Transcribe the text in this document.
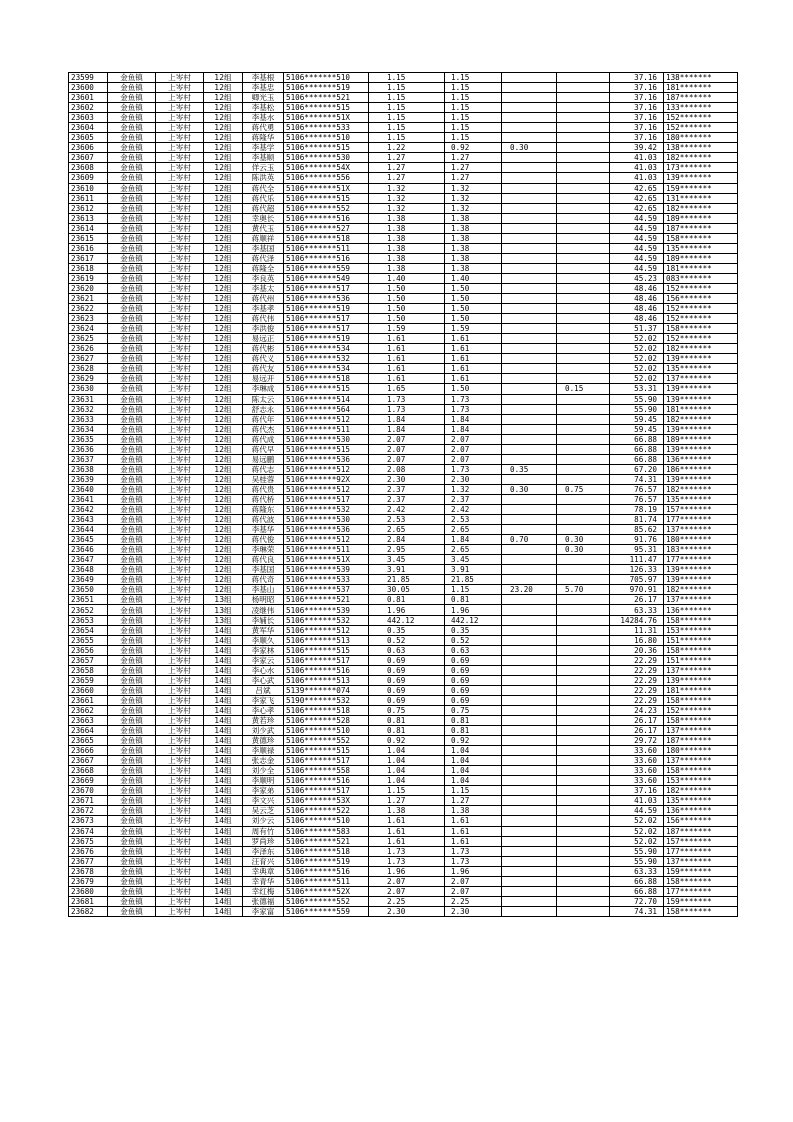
23599	金鱼镇	上岑村	12组	李基根	5106*******510	1.15	1.15			37.16	138*******
23600	金鱼镇	上岑村	12组	李基忠	5106*******519	1.15	1.15			37.16	181*******
23601	金鱼镇	上岑村	12组	卿光玉	5106*******521	1.15	1.15			37.16	187*******
23602	金鱼镇	上岑村	12组	李基松	5106*******515	1.15	1.15			37.16	133*******
23603	金鱼镇	上岑村	12组	李基水	5106*******51X	1.15	1.15			37.16	152*******
23604	金鱼镇	上岑村	12组	蒋代勇	5106*******533	1.15	1.15			37.16	152*******
23605	金鱼镇	上岑村	12组	蒋隆华	5106*******510	1.15	1.15			37.16	180*******
23606	金鱼镇	上岑村	12组	李基学	5106*******515	1.22	0.92	0.30		39.42	138*******
23607	金鱼镇	上岑村	12组	李基顺	5106*******530	1.27	1.27			41.03	182*******
23608	金鱼镇	上岑村	12组	佯云玉	5106*******54X	1.27	1.27			41.03	173*******
23609	金鱼镇	上岑村	12组	陈洪英	5106*******556	1.27	1.27			41.03	139*******
23610	金鱼镇	上岑村	12组	蒋代全	5106*******51X	1.32	1.32			42.65	159*******
23611	金鱼镇	上岑村	12组	蒋代乐	5106*******515	1.32	1.32			42.65	131*******
23612	金鱼镇	上岑村	12组	蒋代超	5106*******552	1.32	1.32			42.65	182*******
23613	金鱼镇	上岑村	12组	幸奥长	5106*******516	1.38	1.38			44.59	189*******
23614	金鱼镇	上岑村	12组	黄代玉	5106*******527	1.38	1.38			44.59	187*******
23615	金鱼镇	上岑村	12组	蒋顺祥	5106*******518	1.38	1.38			44.59	158*******
23616	金鱼镇	上岑村	12组	李基国	5106*******511	1.38	1.38			44.59	135*******
23617	金鱼镇	上岑村	12组	蒋代泽	5106*******516	1.38	1.38			44.59	189*******
23618	金鱼镇	上岑村	12组	蒋隆全	5106*******559	1.38	1.38			44.59	181*******
23619	金鱼镇	上岑村	12组	李良英	5106*******549	1.40	1.40			45.23	083*******
23620	金鱼镇	上岑村	12组	李基太	5106*******517	1.50	1.50			48.46	152*******
23621	金鱼镇	上岑村	12组	蒋代州	5106*******536	1.50	1.50			48.46	156*******
23622	金鱼镇	上岑村	12组	李基孝	5106*******519	1.50	1.50			48.46	152*******
23623	金鱼镇	上岑村	12组	蒋代伟	5106*******517	1.50	1.50			48.46	152*******
23624	金鱼镇	上岑村	12组	李洪俊	5106*******517	1.59	1.59			51.37	158*******
23625	金鱼镇	上岑村	12组	易远正	5106*******519	1.61	1.61			52.02	152*******
23626	金鱼镇	上岑村	12组	蒋代彬	5106*******534	1.61	1.61			52.02	182*******
23627	金鱼镇	上岑村	12组	蒋代义	5106*******532	1.61	1.61			52.02	139*******
23628	金鱼镇	上岑村	12组	蒋代友	5106*******534	1.61	1.61			52.02	135*******
23629	金鱼镇	上岑村	12组	易远开	5106*******518	1.61	1.61			52.02	137*******
23630	金鱼镇	上岑村	12组	李琳成	5106*******515	1.65	1.50		0.15	53.31	139*******
23631	金鱼镇	上岑村	12组	陈太云	5106*******514	1.73	1.73			55.90	139*******
23632	金鱼镇	上岑村	12组	舒志永	5106*******564	1.73	1.73			55.90	181*******
23633	金鱼镇	上岑村	12组	蒋代年	5106*******512	1.84	1.84			59.45	182*******
23634	金鱼镇	上岑村	12组	蒋代杰	5106*******511	1.84	1.84			59.45	139*******
23635	金鱼镇	上岑村	12组	蒋代成	5106*******530	2.07	2.07			66.88	189*******
23636	金鱼镇	上岑村	12组	蒋代早	5106*******515	2.07	2.07			66.88	139*******
23637	金鱼镇	上岑村	12组	易远鹏	5106*******536	2.07	2.07			66.88	136*******
23638	金鱼镇	上岑村	12组	蒋代志	5106*******512	2.08	1.73	0.35		67.20	186*******
23639	金鱼镇	上岑村	12组	吴桂蓉	5106*******92X	2.30	2.30			74.31	139*******
23640	金鱼镇	上岑村	12组	蒋代贵	5106*******512	2.37	1.32	0.30	0.75	76.57	182*******
23641	金鱼镇	上岑村	12组	蒋代桥	5106*******517	2.37	2.37			76.57	135*******
23642	金鱼镇	上岑村	12组	蒋隆东	5106*******532	2.42	2.42			78.19	157*******
23643	金鱼镇	上岑村	12组	蒋代波	5106*******530	2.53	2.53			81.74	177*******
23644	金鱼镇	上岑村	12组	李基华	5106*******536	2.65	2.65			85.62	137*******
23645	金鱼镇	上岑村	12组	蒋代俊	5106*******512	2.84	1.84	0.70	0.30	91.76	180*******
23646	金鱼镇	上岑村	12组	李琳荣	5106*******511	2.95	2.65		0.30	95.31	183*******
23647	金鱼镇	上岑村	12组	蒋代良	5106*******51X	3.45	3.45			111.47	177*******
23648	金鱼镇	上岑村	12组	李基国	5106*******539	3.91	3.91			126.33	139*******
23649	金鱼镇	上岑村	12组	蒋代奇	5106*******533	21.85	21.85			705.97	139*******
23650	金鱼镇	上岑村	12组	李基山	5106*******537	30.05	1.15	23.20	5.70	970.91	182*******
23651	金鱼镇	上岑村	13组	杨明昭	5106*******521	0.81	0.81			26.17	137*******
23652	金鱼镇	上岑村	13组	凌继伟	5106*******539	1.96	1.96			63.33	136*******
23653	金鱼镇	上岑村	13组	李辅长	5106*******532	442.12	442.12			14284.76	158*******
23654	金鱼镇	上岑村	14组	黄军华	5106*******512	0.35	0.35			11.31	153*******
23655	金鱼镇	上岑村	14组	李顺久	5106*******513	0.52	0.52			16.80	151*******
23656	金鱼镇	上岑村	14组	李家林	5106*******515	0.63	0.63			20.36	158*******
23657	金鱼镇	上岑村	14组	李家云	5106*******517	0.69	0.69			22.29	151*******
23658	金鱼镇	上岑村	14组	李心水	5106*******516	0.69	0.69			22.29	137*******
23659	金鱼镇	上岑村	14组	李心武	5106*******513	0.69	0.69			22.29	139*******
23660	金鱼镇	上岑村	14组	吕斌	5139*******074	0.69	0.69			22.29	181*******
23661	金鱼镇	上岑村	14组	李家飞	5190*******532	0.69	0.69			22.29	158*******
23662	金鱼镇	上岑村	14组	李心孝	5106*******518	0.75	0.75			24.23	152*******
23663	金鱼镇	上岑村	14组	黄若珍	5106*******528	0.81	0.81			26.17	158*******
23664	金鱼镇	上岑村	14组	刘少武	5106*******510	0.81	0.81			26.17	137*******
23665	金鱼镇	上岑村	14组	黄德珍	5106*******552	0.92	0.92			29.72	187*******
23666	金鱼镇	上岑村	14组	李顺禄	5106*******515	1.04	1.04			33.60	180*******
23667	金鱼镇	上岑村	14组	张志金	5106*******517	1.04	1.04			33.60	137*******
23668	金鱼镇	上岑村	14组	刘少全	5106*******558	1.04	1.04			33.60	158*******
23669	金鱼镇	上岑村	14组	李顺明	5106*******516	1.04	1.04			33.60	153*******
23670	金鱼镇	上岑村	14组	李家弟	5106*******517	1.15	1.15			37.16	182*******
23671	金鱼镇	上岑村	14组	李文兴	5106*******53X	1.27	1.27			41.03	135*******
23672	金鱼镇	上岑村	14组	吴云芝	5106*******522	1.38	1.38			44.59	136*******
23673	金鱼镇	上岑村	14组	刘少云	5106*******510	1.61	1.61			52.02	156*******
23674	金鱼镇	上岑村	14组	周有竹	5106*******583	1.61	1.61			52.02	187*******
23675	金鱼镇	上岑村	14组	罗尚珍	5106*******521	1.61	1.61			52.02	157*******
23676	金鱼镇	上岑村	14组	李泽东	5106*******518	1.73	1.73			55.90	177*******
23677	金鱼镇	上岑村	14组	汪育兴	5106*******519	1.73	1.73			55.90	137*******
23678	金鱼镇	上岑村	14组	幸典章	5106*******516	1.96	1.96			63.33	159*******
23679	金鱼镇	上岑村	14组	幸青华	5106*******511	2.07	2.07			66.88	158*******
23680	金鱼镇	上岑村	14组	幸红梅	5106*******52X	2.07	2.07			66.88	177*******
23681	金鱼镇	上岑村	14组	张德福	5106*******552	2.25	2.25			72.70	159*******
23682	金鱼镇	上岑村	14组	李家富	5106*******559	2.30	2.30			74.31	158*******
